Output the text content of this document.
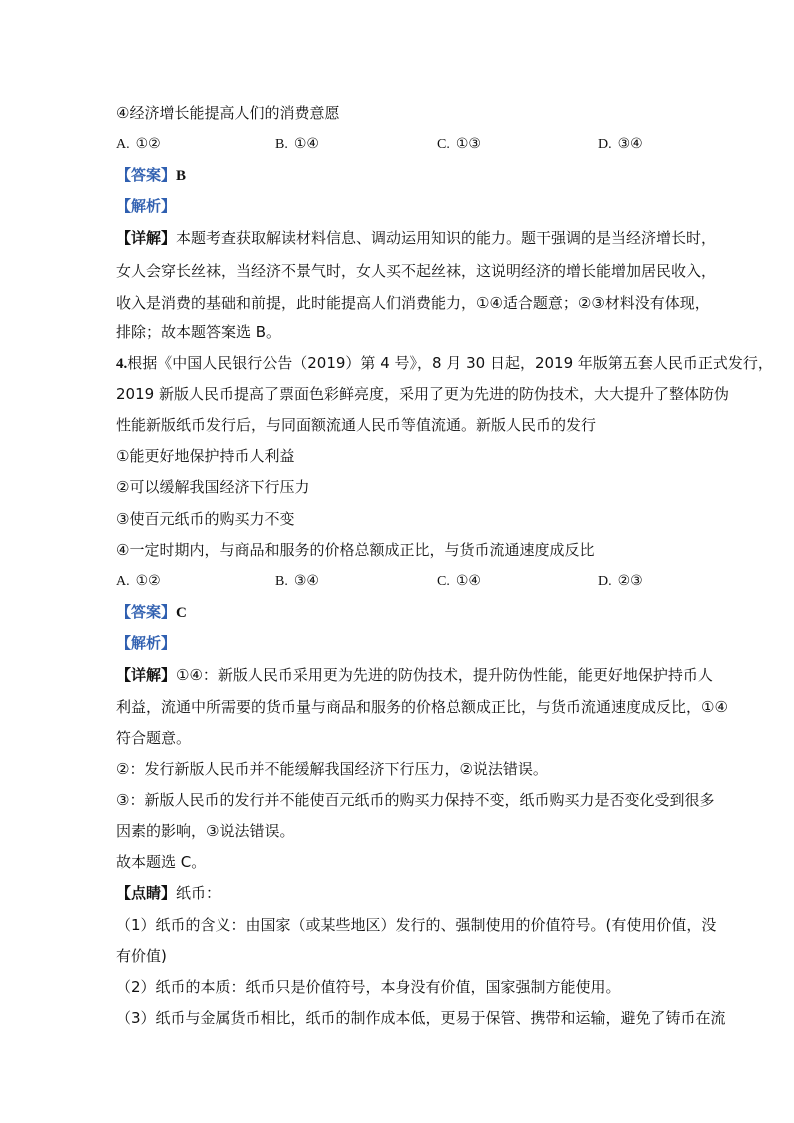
④经济增长能提高人们的消费意愿
A. ①②	B. ①④	C. ①③	D. ③④
【答案】B
【解析】
【详解】本题考查获取解读材料信息、调动运用知识的能力。题干强调的是当经济增长时，
女人会穿长丝袜，当经济不景气时，女人买不起丝袜，这说明经济的增长能增加居民收入，
收入是消费的基础和前提，此时能提高人们消费能力，①④适合题意；②③材料没有体现，
排除；故本题答案选 B。
4.根据《中国人民银行公告（2019）第 4 号》，8 月 30 日起，2019 年版第五套人民币正式发行，
2019 新版人民币提高了票面色彩鲜亮度，采用了更为先进的防伪技术，大大提升了整体防伪
性能新版纸币发行后，与同面额流通人民币等值流通。新版人民币的发行
①能更好地保护持币人利益
②可以缓解我国经济下行压力
③使百元纸币的购买力不变
④一定时期内，与商品和服务的价格总额成正比，与货币流通速度成反比
A. ①②	B. ③④	C. ①④	D. ②③
【答案】C
【解析】
【详解】①④：新版人民币采用更为先进的防伪技术，提升防伪性能，能更好地保护持币人
利益，流通中所需要的货币量与商品和服务的价格总额成正比，与货币流通速度成反比，①④
符合题意。
②：发行新版人民币并不能缓解我国经济下行压力，②说法错误。
③：新版人民币的发行并不能使百元纸币的购买力保持不变，纸币购买力是否变化受到很多
因素的影响，③说法错误。
故本题选 C。
【点睛】纸币：
（1）纸币的含义：由国家（或某些地区）发行的、强制使用的价值符号。(有使用价值，没
有价值)
（2）纸币的本质：纸币只是价值符号，本身没有价值，国家强制方能使用。
（3）纸币与金属货币相比，纸币的制作成本低，更易于保管、携带和运输，避免了铸币在流
